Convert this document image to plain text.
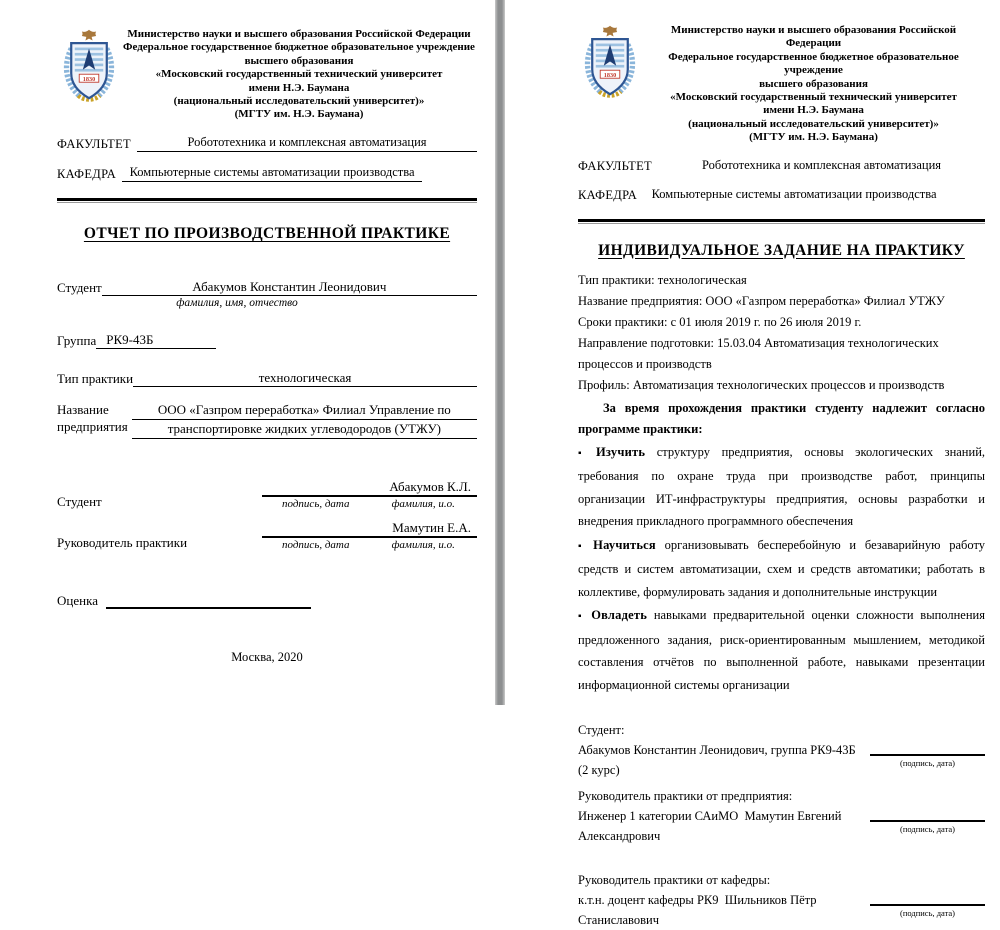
1830
Министерство науки и высшего образования Российской Федерации
Федеральное государственное бюджетное образовательное учреждение
высшего образования
«Московский государственный технический университет
имени Н.Э. Баумана
(национальный исследовательский университет)»
(МГТУ им. Н.Э. Баумана)
ФАКУЛЬТЕТ	Робототехника и комплексная автоматизация
КАФЕДРА	Компьютерные системы автоматизации производства
ОТЧЕТ ПО ПРОИЗВОДСТВЕННОЙ ПРАКТИКЕ
Студент	Абакумов Константин Леонидович
фамилия, имя, отчество
Группа РК9-43Б
Тип практики	технологическая
Название
предприятия
ООО «Газпром переработка» Филиал Управление по
транспортировке жидких углеводородов (УТЖУ)
Студент
Абакумов К.Л.
подпись, дата	фамилия, и.о.
Руководитель практики
Мамутин Е.А.
подпись, дата	фамилия, и.о.
Оценка

Москва, 2020
1830
Министерство науки и высшего образования Российской Федерации
Федеральное государственное бюджетное образовательное учреждение
высшего образования
«Московский государственный технический университет
имени Н.Э. Баумана
(национальный исследовательский университет)»
(МГТУ им. Н.Э. Баумана)
ФАКУЛЬТЕТ	Робототехника и комплексная автоматизация
КАФЕДРА	Компьютерные системы автоматизации производства
ИНДИВИДУАЛЬНОЕ ЗАДАНИЕ НА ПРАКТИКУ
Тип практики: технологическая
Название предприятия: ООО «Газпром переработка» Филиал УТЖУ
Сроки практики: с 01 июля 2019 г. по 26 июля 2019 г.
Направление подготовки: 15.03.04 Автоматизация технологических процессов и производств
Профиль: Автоматизация технологических процессов и производств
За время прохождения практики студенту надлежит согласно программе практики:
▪ Изучить структуру предприятия, основы экологических знаний, требования по охране труда при производстве работ, принципы организации ИТ-инфраструктуры предприятия, основы разработки и внедрения прикладного программного обеспечения
▪ Научиться организовывать бесперебойную и безаварийную работу средств и систем автоматизации, схем и средств автоматики; работать в коллективе, формулировать задания и дополнительные инструкции
▪ Овладеть навыками предварительной оценки сложности выполнения предложенного задания, риск-ориентированным мышлением, методикой составления отчётов по выполненной работе, навыками презентации информационной системы организации
Студент:
Абакумов Константин Леонидович, группа РК9-43Б (2 курс)	(подпись, дата)
Руководитель практики от предприятия:
Инженер 1 категории САиМО  Мамутин Евгений Александрович	(подпись, дата)
Руководитель практики от кафедры:
к.т.н. доцент кафедры РК9  Шильников Пётр Станиславович	(подпись, дата)
